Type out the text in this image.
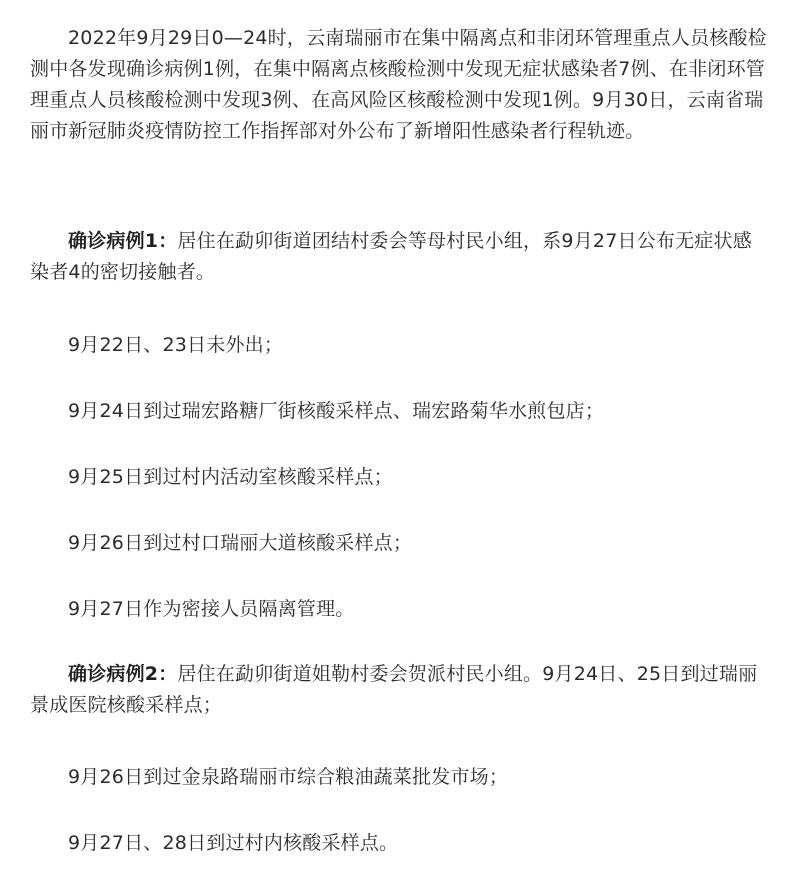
2022年9月29日0—24时，云南瑞丽市在集中隔离点和非闭环管理重点人员核酸检测中各发现确诊病例1例，在集中隔离点核酸检测中发现无症状感染者7例、在非闭环管理重点人员核酸检测中发现3例、在高风险区核酸检测中发现1例。9月30日，云南省瑞丽市新冠肺炎疫情防控工作指挥部对外公布了新增阳性感染者行程轨迹。

确诊病例1：居住在勐卯街道团结村委会等母村民小组，系9月27日公布无症状感染者4的密切接触者。

9月22日、23日未外出；

9月24日到过瑞宏路糖厂街核酸采样点、瑞宏路菊华水煎包店；

9月25日到过村内活动室核酸采样点；

9月26日到过村口瑞丽大道核酸采样点；

9月27日作为密接人员隔离管理。

确诊病例2：居住在勐卯街道姐勒村委会贺派村民小组。9月24日、25日到过瑞丽景成医院核酸采样点；

9月26日到过金泉路瑞丽市综合粮油蔬菜批发市场；

9月27日、28日到过村内核酸采样点。
